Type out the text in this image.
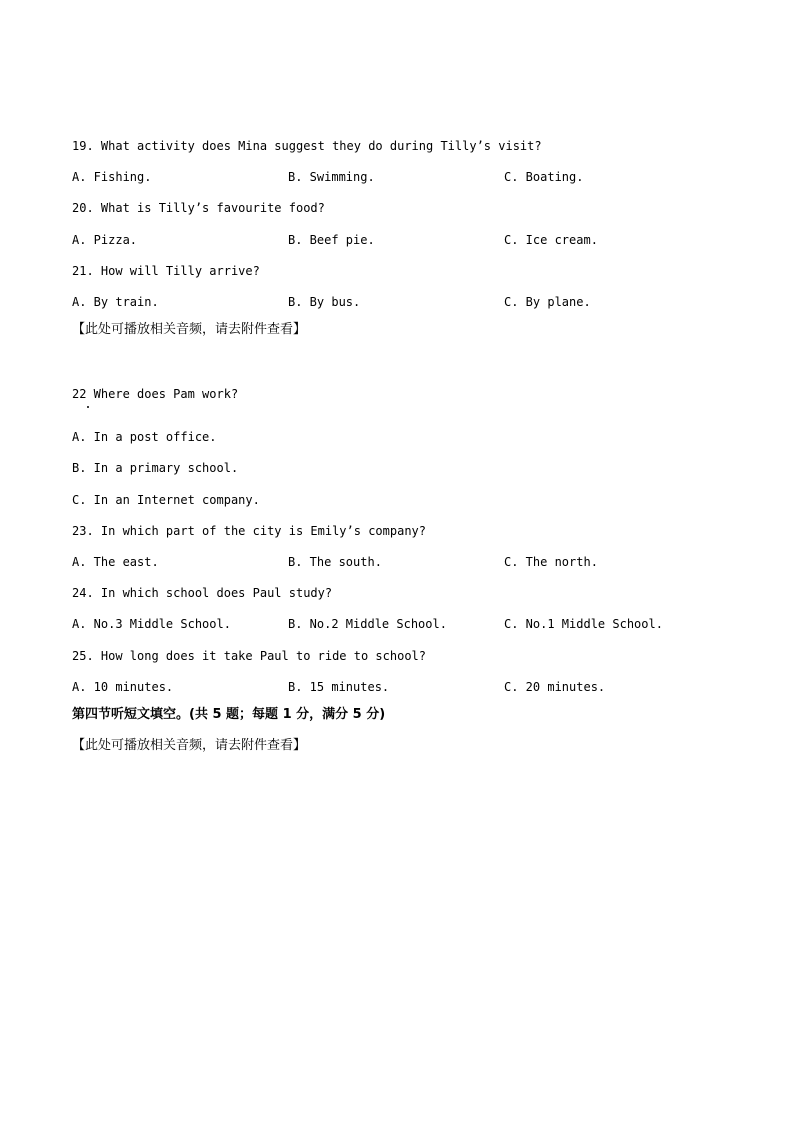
19. What activity does Mina suggest they do during Tilly’s visit?
A. Fishing.	B. Swimming.	C. Boating.
20. What is Tilly’s favourite food?
A. Pizza.	B. Beef pie.	C. Ice cream.
21. How will Tilly arrive?
A. By train.	B. By bus.	C. By plane.
【此处可播放相关音频，请去附件查看】
22 Where does Pam work?
A. In a post office.
B. In a primary school.
C. In an Internet company.
23. In which part of the city is Emily’s company?
A. The east.	B. The south.	C. The north.
24. In which school does Paul study?
A. No.3 Middle School.	B. No.2 Middle School.	C. No.1 Middle School.
25. How long does it take Paul to ride to school?
A. 10 minutes.	B. 15 minutes.	C. 20 minutes.
第四节听短文填空。(共 5 题；每题 1 分，满分 5 分)
【此处可播放相关音频，请去附件查看】
